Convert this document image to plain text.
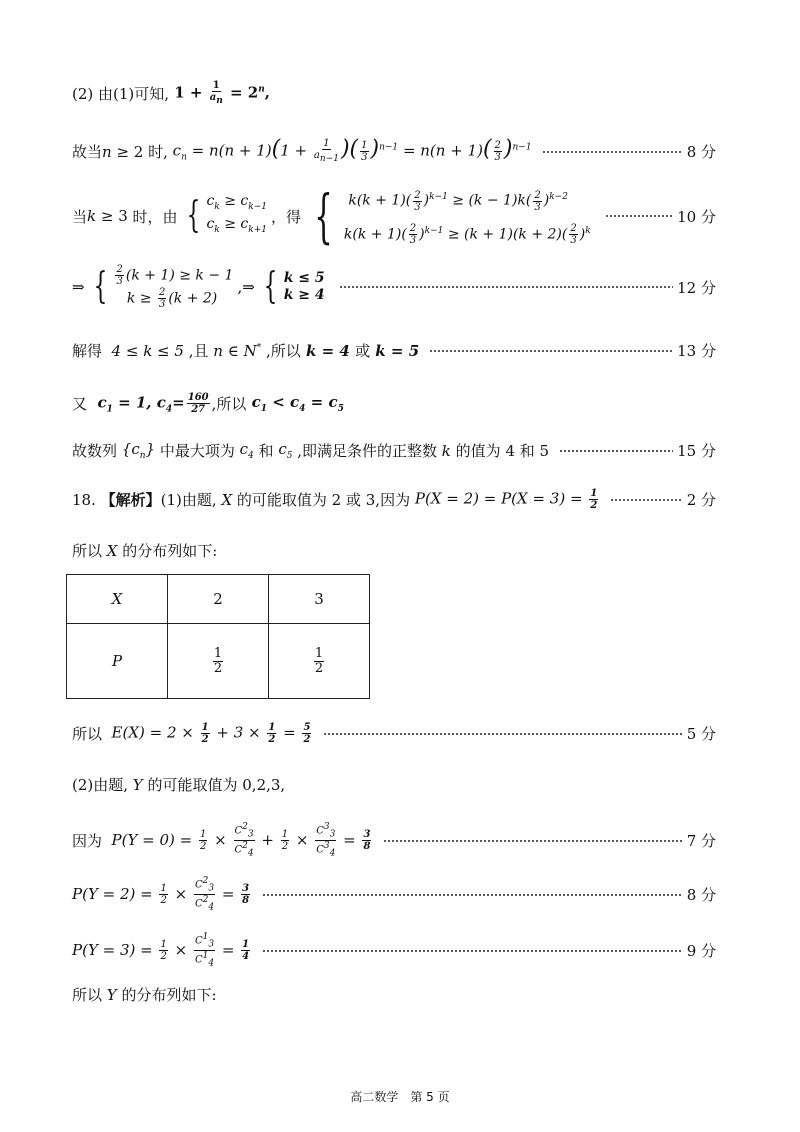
(2) 由(1)可知, $1 + \frac{1}{a_n} = 2^n$,
故当 n ≥ 2 时, $c_n = n(n + 1)(1 + \frac{1}{a_{n-1}}$ )( $\frac{1}{3} )^{n-1} = n(n + 1)( \frac{2}{3} )^{n-1}$	8 分
当 k ≥ 3 时，由 { $c_k \ge c_{k-1}$
$c_k \ge c_{k+1}$
，得 { $k(k + 1)( \frac{2}{3} )^{k-1} \ge (k - 1)k( \frac{2}{3} )^{k-2}$
$k(k + 1)( \frac{2}{3} )^{k-1} \ge (k + 1)(k + 2)( \frac{2}{3} )^k$
10 分
⇒ { $\frac{2}{3} (k + 1) \ge k - 1$
$k \ge \frac{2}{3} (k + 2)$
,⇒ { k ≤ 5
k ≥ 4	12 分
解得 4 ≤ k ≤ 5 ,且 n ∈ N* ,所以 k = 4 或 k = 5	13 分
又 $c_1 = 1$, $c_4= \frac{160}{27}$ ,所以 $c_1 < c_4 = c_5$
故数列 $\{c_n\}$ 中最大项为 $c_4$ 和 $c_5$ ,即满足条件的正整数 k 的值为 4 和 5	15 分
18.
【解析】 (1)由题, X 的可能取值为 2 或 3,因为 $P(X = 2) = P(X = 3) = \frac{1}{2}$	2 分
所以 X 的分布列如下:
X	2	3
P	$\frac{1}{2}$	$\frac{1}{2}$
所以 $E(X) = 2 \times \frac{1}{2} + 3 \times \frac{1}{2} = \frac{5}{2}$	5 分
(2)由题, Y 的可能取值为 0,2,3,
因为 $P(Y = 0) = \frac{1}{2} \times \frac{C^2_3}{C^2_4} + \frac{1}{2} \times \frac{C^3_3}{C^3_4} = \frac{3}{8}$	7 分
$P(Y = 2) = \frac{1}{2} \times \frac{C^2_3}{C^2_4} = \frac{3}{8}$	8 分
$P(Y = 3) = \frac{1}{2} \times \frac{C^1_3}{C^1_4} = \frac{1}{4}$	9 分
所以 Y 的分布列如下:
高二数学　第 5 页
